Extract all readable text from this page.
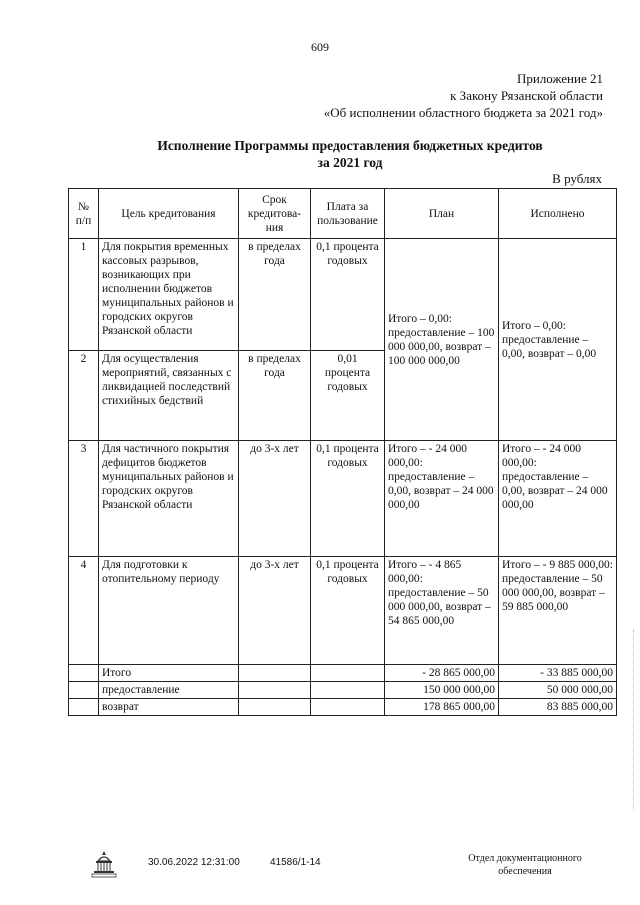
609
Приложение 21
к Закону Рязанской области
«Об исполнении областного бюджета за 2021 год»
Исполнение Программы предоставления бюджетных кредитов
за 2021 год
В рублях
№ п/п	Цель кредитования	Срок кредитова-ния	Плата за пользование	План	Исполнено
1	Для покрытия временных кассовых разрывов, возникающих при исполнении бюджетов муниципальных районов и городских округов Рязанской области	в пределах года	0,1 процента годовых	Итого – 0,00: предоставление – 100 000 000,00, возврат – 100 000 000,00	Итого – 0,00: предоставление – 0,00, возврат – 0,00
2	Для осуществления мероприятий, связанных с ликвидацией последствий стихийных бедствий	в пределах года	0,01 процента годовых		
3	Для частичного покрытия дефицитов бюджетов муниципальных районов и городских округов Рязанской области	до 3-х лет	0,1 процента годовых	Итого – - 24 000 000,00: предоставление – 0,00, возврат – 24 000 000,00	Итого – - 24 000 000,00: предоставление – 0,00, возврат – 24 000 000,00
4	Для подготовки к отопительному периоду	до 3-х лет	0,1 процента годовых	Итого – - 4 865 000,00: предоставление – 50 000 000,00, возврат – 54 865 000,00	Итого – - 9 885 000,00: предоставление – 50 000 000,00, возврат – 59 885 000,00
	Итого			- 28 865 000,00	- 33 885 000,00
	предоставление			150 000 000,00	50 000 000,00
	возврат			178 865 000,00	83 885 000,00
30.06.2022 12:31:00	41586/1-14	Отдел документационного обеспечения
